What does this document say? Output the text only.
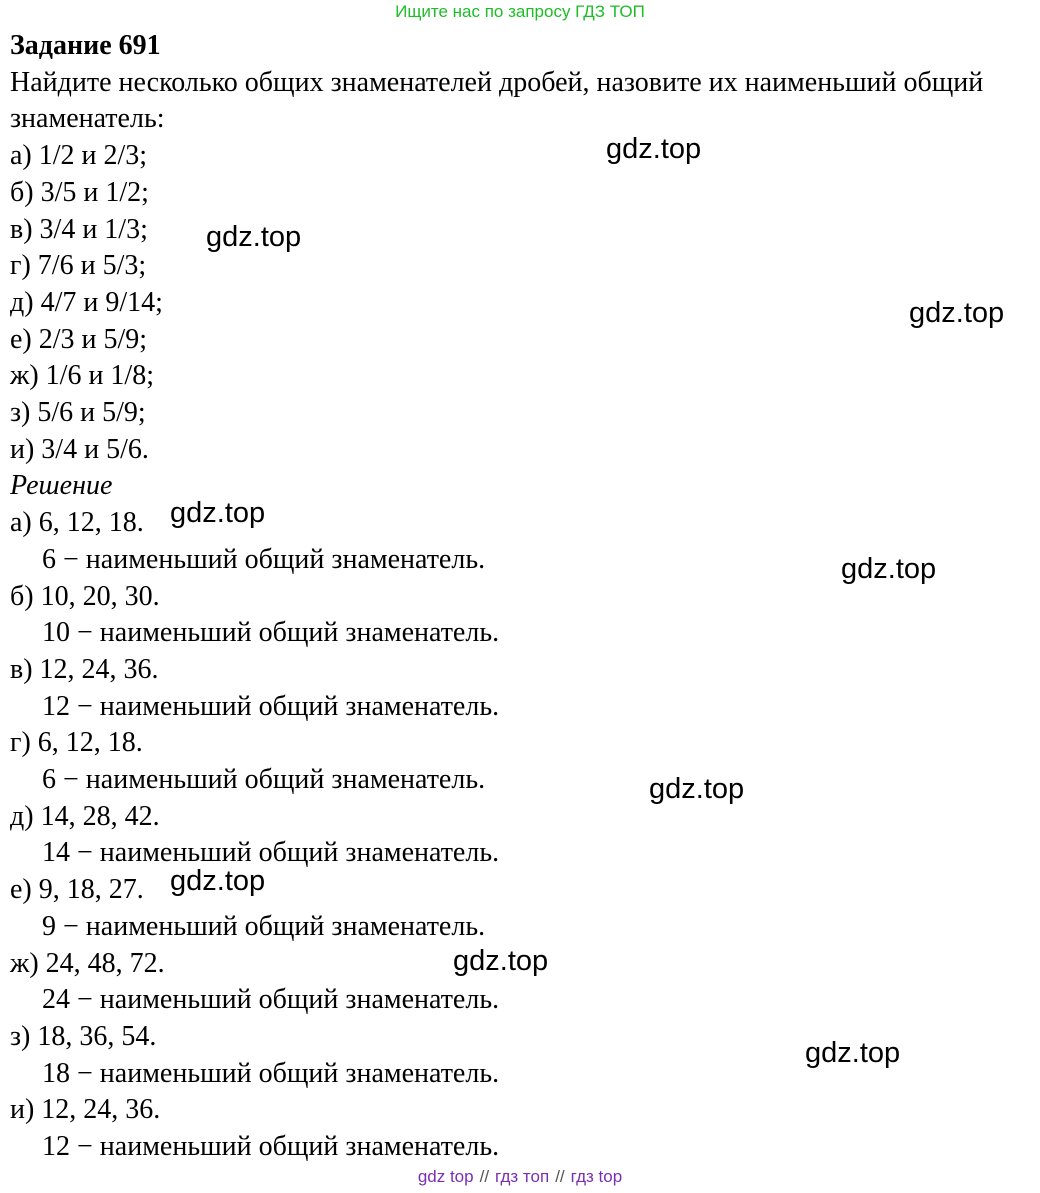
Ищите нас по запросу ГДЗ ТОП
Задание 691
Найдите несколько общих знаменателей дробей, назовите их наименьший общий знаменатель:
а) 1/2 и 2/3;
б) 3/5 и 1/2;
в) 3/4 и 1/3;
г) 7/6 и 5/3;
д) 4/7 и 9/14;
е) 2/3 и 5/9;
ж) 1/6 и 1/8;
з) 5/6 и 5/9;
и) 3/4 и 5/6.
Решение
а) 6, 12, 18.
6 − наименьший общий знаменатель.
б) 10, 20, 30.
10 − наименьший общий знаменатель.
в) 12, 24, 36.
12 − наименьший общий знаменатель.
г) 6, 12, 18.
6 − наименьший общий знаменатель.
д) 14, 28, 42.
14 − наименьший общий знаменатель.
е) 9, 18, 27.
9 − наименьший общий знаменатель.
ж) 24, 48, 72.
24 − наименьший общий знаменатель.
з) 18, 36, 54.
18 − наименьший общий знаменатель.
и) 12, 24, 36.
12 − наименьший общий знаменатель.
gdz.top
gdz.top
gdz.top
gdz.top
gdz.top
gdz.top
gdz.top
gdz.top
gdz.top
gdz top // гдз топ // гдз top
